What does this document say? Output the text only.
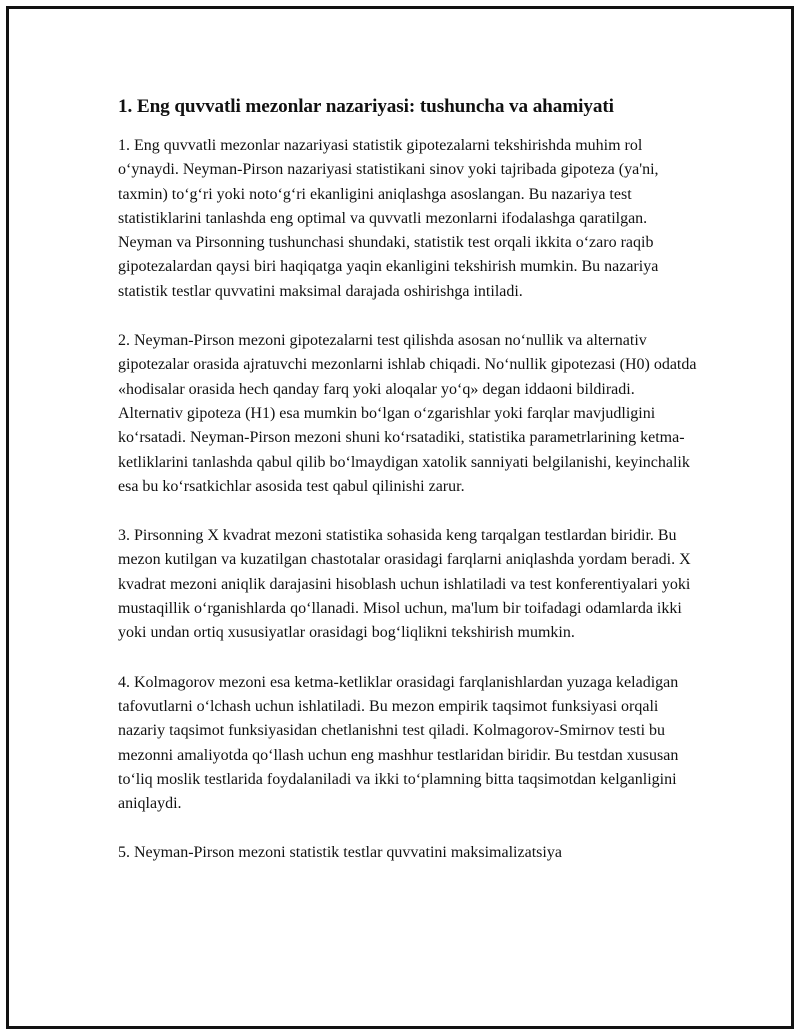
1. Eng quvvatli mezonlar nazariyasi: tushuncha va ahamiyati

1. Eng quvvatli mezonlar nazariyasi statistik gipotezalarni tekshirishda muhim rol o‘ynaydi. Neyman-Pirson nazariyasi statistikani sinov yoki tajribada gipoteza (ya'ni, taxmin) to‘g‘ri yoki noto‘g‘ri ekanligini aniqlashga asoslangan. Bu nazariya test statistiklarini tanlashda eng optimal va quvvatli mezonlarni ifodalashga qaratilgan. Neyman va Pirsonning tushunchasi shundaki, statistik test orqali ikkita o‘zaro raqib gipotezalardan qaysi biri haqiqatga yaqin ekanligini tekshirish mumkin. Bu nazariya statistik testlar quvvatini maksimal darajada oshirishga intiladi.

2. Neyman-Pirson mezoni gipotezalarni test qilishda asosan no‘nullik va alternativ gipotezalar orasida ajratuvchi mezonlarni ishlab chiqadi. No‘nullik gipotezasi (H0) odatda «hodisalar orasida hech qanday farq yoki aloqalar yo‘q» degan iddaoni bildiradi. Alternativ gipoteza (H1) esa mumkin bo‘lgan o‘zgarishlar yoki farqlar mavjudligini ko‘rsatadi. Neyman-Pirson mezoni shuni ko‘rsatadiki, statistika parametrlarining ketma-ketliklarini tanlashda qabul qilib bo‘lmaydigan xatolik sanniyati belgilanishi, keyinchalik esa bu ko‘rsatkichlar asosida test qabul qilinishi zarur.

3. Pirsonning X kvadrat mezoni statistika sohasida keng tarqalgan testlardan biridir. Bu mezon kutilgan va kuzatilgan chastotalar orasidagi farqlarni aniqlashda yordam beradi. X kvadrat mezoni aniqlik darajasini hisoblash uchun ishlatiladi va test konferentiyalari yoki mustaqillik o‘rganishlarda qo‘llanadi. Misol uchun, ma'lum bir toifadagi odamlarda ikki yoki undan ortiq xususiyatlar orasidagi bog‘liqlikni tekshirish mumkin.

4. Kolmagorov mezoni esa ketma-ketliklar orasidagi farqlanishlardan yuzaga keladigan tafovutlarni o‘lchash uchun ishlatiladi. Bu mezon empirik taqsimot funksiyasi orqali nazariy taqsimot funksiyasidan chetlanishni test qiladi. Kolmagorov-Smirnov testi bu mezonni amaliyotda qo‘llash uchun eng mashhur testlaridan biridir. Bu testdan xususan to‘liq moslik testlarida foydalaniladi va ikki to‘plamning bitta taqsimotdan kelganligini aniqlaydi.

5. Neyman-Pirson mezoni statistik testlar quvvatini maksimalizatsiya
